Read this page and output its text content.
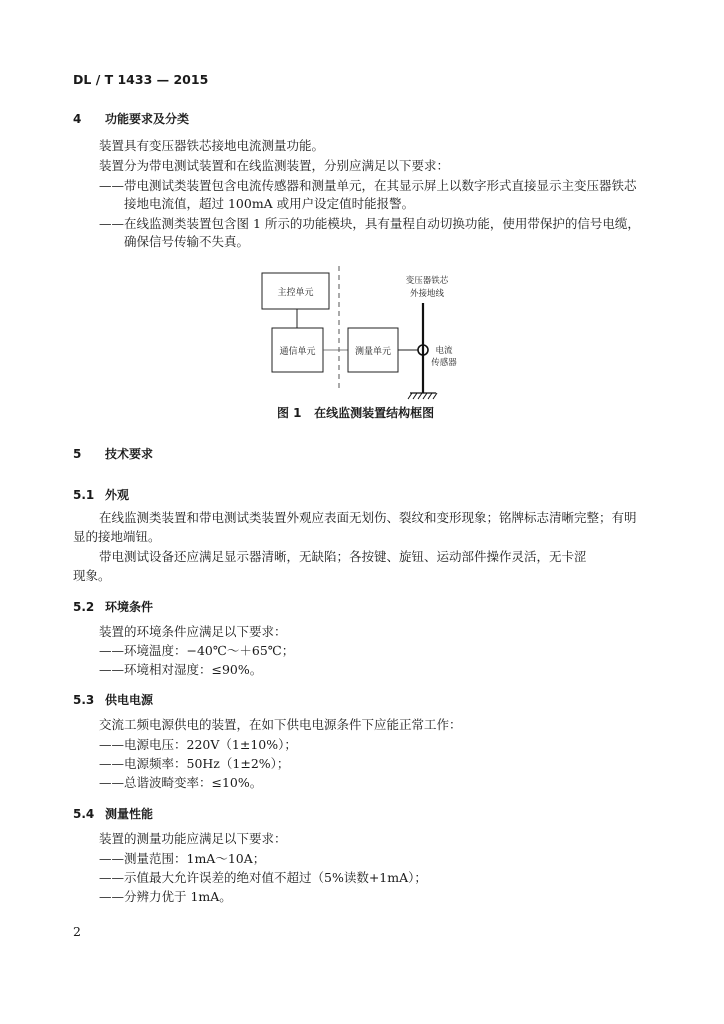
DL / T 1433 — 2015
4 功能要求及分类
装置具有变压器铁芯接地电流测量功能。
装置分为带电测试装置和在线监测装置，分别应满足以下要求：
——带电测试类装置包含电流传感器和测量单元，在其显示屏上以数字形式直接显示主变压器铁芯
接地电流值，超过 100mA 或用户设定值时能报警。
——在线监测类装置包含图 1 所示的功能模块，具有量程自动切换功能，使用带保护的信号电缆，
确保信号传输不失真。
主控单元
通信单元	测量单元
变压器铁芯
外接地线
电流
传感器
图 1 在线监测装置结构框图
5 技术要求
5.1 外观
在线监测类装置和带电测试类装置外观应表面无划伤、裂纹和变形现象；铭牌标志清晰完整；有明
显的接地端钮。
带电测试设备还应满足显示器清晰，无缺陷；各按键、旋钮、运动部件操作灵活，无卡涩
现象。
5.2 环境条件
装置的环境条件应满足以下要求：
——环境温度：−40℃～＋65℃；
——环境相对湿度：≤90%。
5.3 供电电源
交流工频电源供电的装置，在如下供电电源条件下应能正常工作：
——电源电压：220V（1±10%）；
——电源频率：50Hz（1±2%）；
——总谐波畸变率：≤10%。
5.4 测量性能
装置的测量功能应满足以下要求：
——测量范围：1mA～10A；
——示值最大允许误差的绝对值不超过（5%读数+1mA）；
——分辨力优于 1mA。
2
